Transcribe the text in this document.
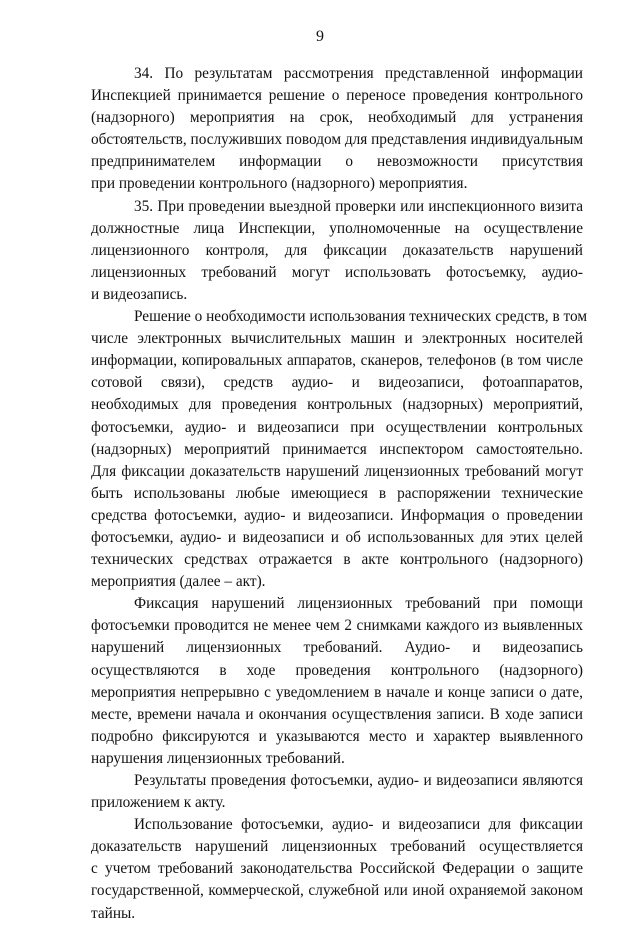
9
34. По результатам рассмотрения представленной информации
Инспекцией принимается решение о переносе проведения контрольного
(надзорного) мероприятия на срок, необходимый для устранения
обстоятельств, послуживших поводом для представления индивидуальным
предпринимателем информации о невозможности присутствия
при проведении контрольного (надзорного) мероприятия.
35. При проведении выездной проверки или инспекционного визита
должностные лица Инспекции, уполномоченные на осуществление
лицензионного контроля, для фиксации доказательств нарушений
лицензионных требований могут использовать фотосъемку, аудио-
и видеозапись.
Решение о необходимости использования технических средств, в том
числе электронных вычислительных машин и электронных носителей
информации, копировальных аппаратов, сканеров, телефонов (в том числе
сотовой связи), средств аудио- и видеозаписи, фотоаппаратов,
необходимых для проведения контрольных (надзорных) мероприятий,
фотосъемки, аудио- и видеозаписи при осуществлении контрольных
(надзорных) мероприятий принимается инспектором самостоятельно.
Для фиксации доказательств нарушений лицензионных требований могут
быть использованы любые имеющиеся в распоряжении технические
средства фотосъемки, аудио- и видеозаписи. Информация о проведении
фотосъемки, аудио- и видеозаписи и об использованных для этих целей
технических средствах отражается в акте контрольного (надзорного)
мероприятия (далее – акт).
Фиксация нарушений лицензионных требований при помощи
фотосъемки проводится не менее чем 2 снимками каждого из выявленных
нарушений лицензионных требований. Аудио- и видеозапись
осуществляются в ходе проведения контрольного (надзорного)
мероприятия непрерывно с уведомлением в начале и конце записи о дате,
месте, времени начала и окончания осуществления записи. В ходе записи
подробно фиксируются и указываются место и характер выявленного
нарушения лицензионных требований.
Результаты проведения фотосъемки, аудио- и видеозаписи являются
приложением к акту.
Использование фотосъемки, аудио- и видеозаписи для фиксации
доказательств нарушений лицензионных требований осуществляется
с учетом требований законодательства Российской Федерации о защите
государственной, коммерческой, служебной или иной охраняемой законом
тайны.
